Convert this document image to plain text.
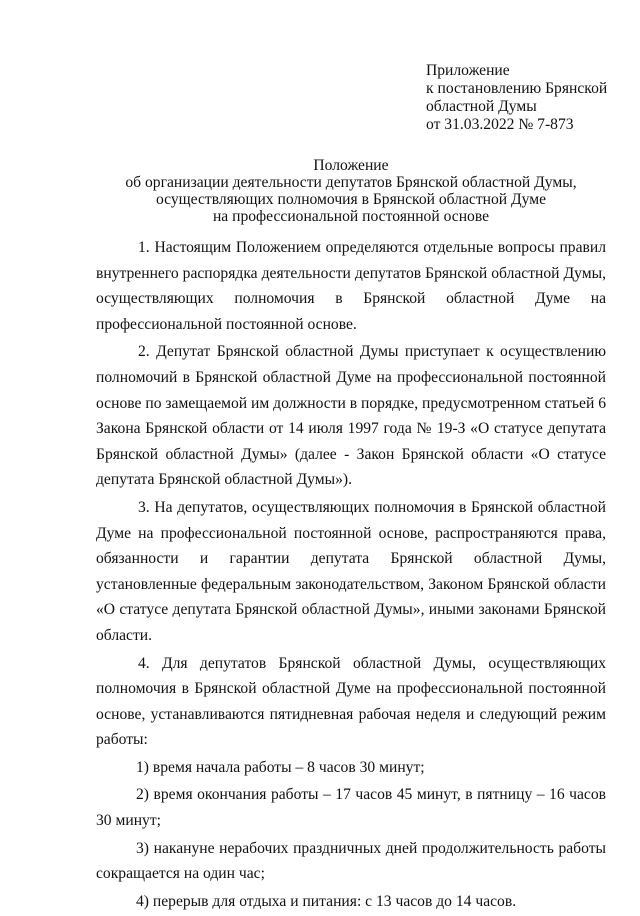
Приложение
к постановлению Брянской
областной Думы
от 31.03.2022 № 7-873
Положение
об организации деятельности депутатов Брянской областной Думы,
осуществляющих полномочия в Брянской областной Думе
на профессиональной постоянной основе

1. Настоящим Положением определяются отдельные вопросы правил внутреннего распорядка деятельности депутатов Брянской областной Думы, осуществляющих полномочия в Брянской областной Думе на профессиональной постоянной основе.

2. Депутат Брянской областной Думы приступает к осуществлению полномочий в Брянской областной Думе на профессиональной постоянной основе по замещаемой им должности в порядке, предусмотренном статьей 6 Закона Брянской области от 14 июля 1997 года № 19-З «О статусе депутата Брянской областной Думы» (далее - Закон Брянской области «О статусе депутата Брянской областной Думы»).

3. На депутатов, осуществляющих полномочия в Брянской областной Думе на профессиональной постоянной основе, распространяются права, обязанности и гарантии депутата Брянской областной Думы, установленные федеральным законодательством, Законом Брянской области «О статусе депутата Брянской областной Думы», иными законами Брянской области.

4. Для депутатов Брянской областной Думы, осуществляющих полномочия в Брянской областной Думе на профессиональной постоянной основе, устанавливаются пятидневная рабочая неделя и следующий режим работы:

1) время начала работы – 8 часов 30 минут;

2) время окончания работы – 17 часов 45 минут, в пятницу – 16 часов 30 минут;

3) накануне нерабочих праздничных дней продолжительность работы сокращается на один час;

4) перерыв для отдыха и питания: с 13 часов до 14 часов.
